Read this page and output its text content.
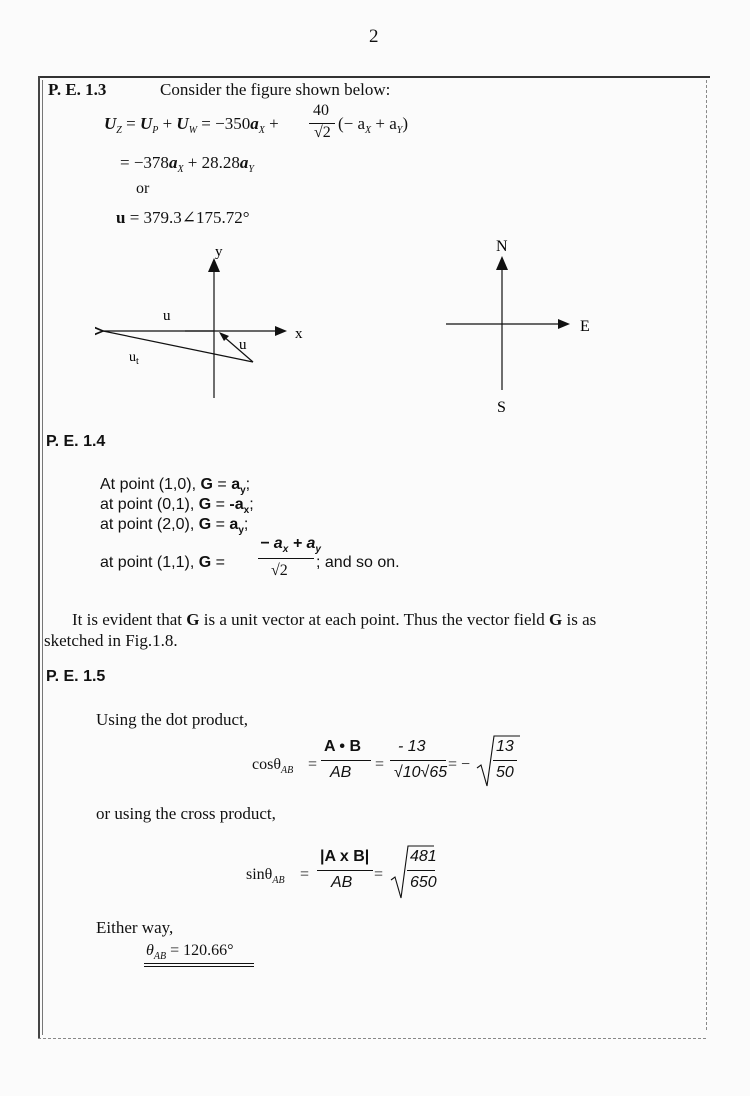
2
P. E. 1.3	Consider the figure shown below:
$U_Z = U_P + U_W = -350a_X$ +
40
√2 (− $a_X + a_Y$)
= $-378a_X + 28.28a_Y$
or
u = 379.3∠175.72°
y
x
u
u
$u_t$
N
E
S
P. E. 1.4
At point (1,0), $G = a_y$;
at point (0,1), $G = -a_x$;
at point (2,0), $G = a_y$;
at point (1,1), G =
− $a_x + a_y$
√2 ; and so on.
It is evident that G is a unit vector at each point. Thus the vector field G is as
sketched in Fig.1.8.
P. E. 1.5
Using the dot product,
cosθ$_{AB}$ =
A • B
AB =
- 13
√10√65 = −
13
50
or using the cross product,
sinθ$_{AB}$ =
|A x B|
AB =
481
650
Either way,
$\theta_{AB} = 120.66^\circ$
